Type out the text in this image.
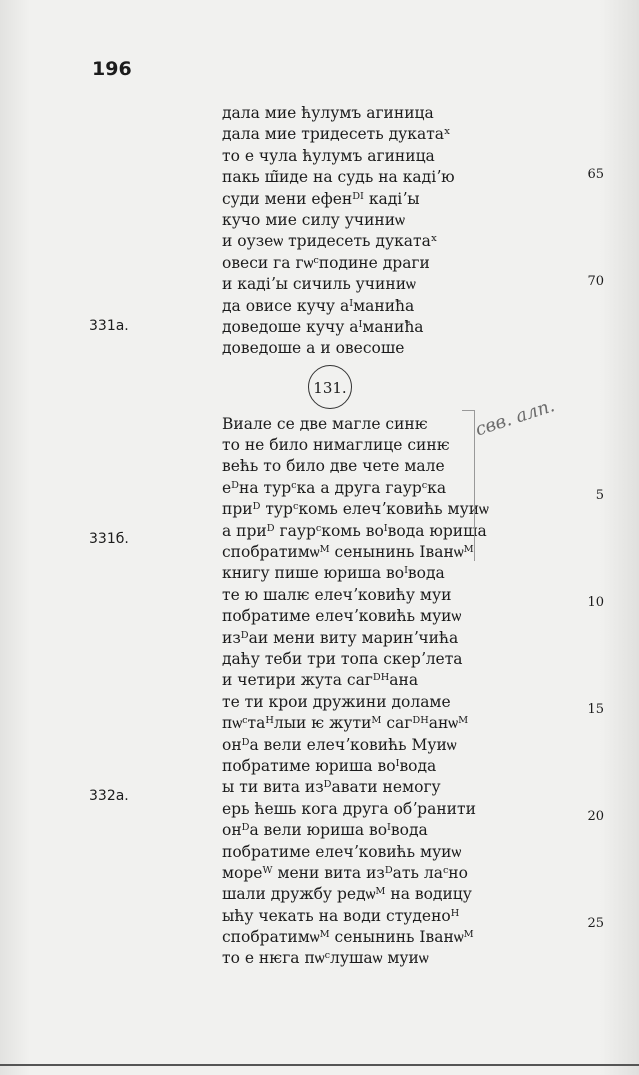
196
дала мие ћулумъ агиница
дала мие тридесеть дукатаˣ
то е чула ћулумъ агиница
пакь ш̃иде на судь на кадіʼю
суди мени ефенᴰᴵ кадіʼы
кучо мие силу учиниѡ
и оузеѡ тридесеть дукатаˣ
овеси га гѡᶜподине драги
и кадіʼы сичиль учиниѡ
да овисе кучу аᴵманиħа
доведоше кучу аᴵманиħа
доведоше а и овесоше
131.
Виале се две магле синѥ
то не било нимаглице синѥ
већь то било две чете мале
еᴰна турᶜка а друга гаурᶜка
приᴰ турᶜкомь елечʼковићь муиѡ
а приᴰ гаурᶜкомь воᴵвода юриша
спобратимѡᴹ сенынинь Іванѡᴹ
книгу пише юриша воᴵвода
те ю шалѥ елечʼковићу муи
побратиме елечʼковићь муиѡ
изᴰаи мени виту маринʼчића
даћу теби три топа скерʼлета
и четири жута сагᴰᴴана
те ти крои дружини доламе
пѡᶜтаᴴлыи ѥ жутиᴹ сагᴰᴴанѡᴹ
онᴰа вели елечʼковићь Муиѡ
побратиме юриша воᴵвода
ы ти вита изᴰавати немогу
ерь ћешь кога друга обʼранити
онᴰа вели юриша воᴵвода
побратиме елечʼковићь муиѡ
мореᵂ мени вита изᴰать лаᶜно
шали дружбу редѡᴹ на водицу
ыћу чекать на води студеноᴴ
спобратимѡᴹ сенынинь Іванѡᴹ
то е нѥга пѡᶜлушаѡ муиѡ
331а.
331б.
332а.
65
70
5
10
15
20
25
свв. алп.
